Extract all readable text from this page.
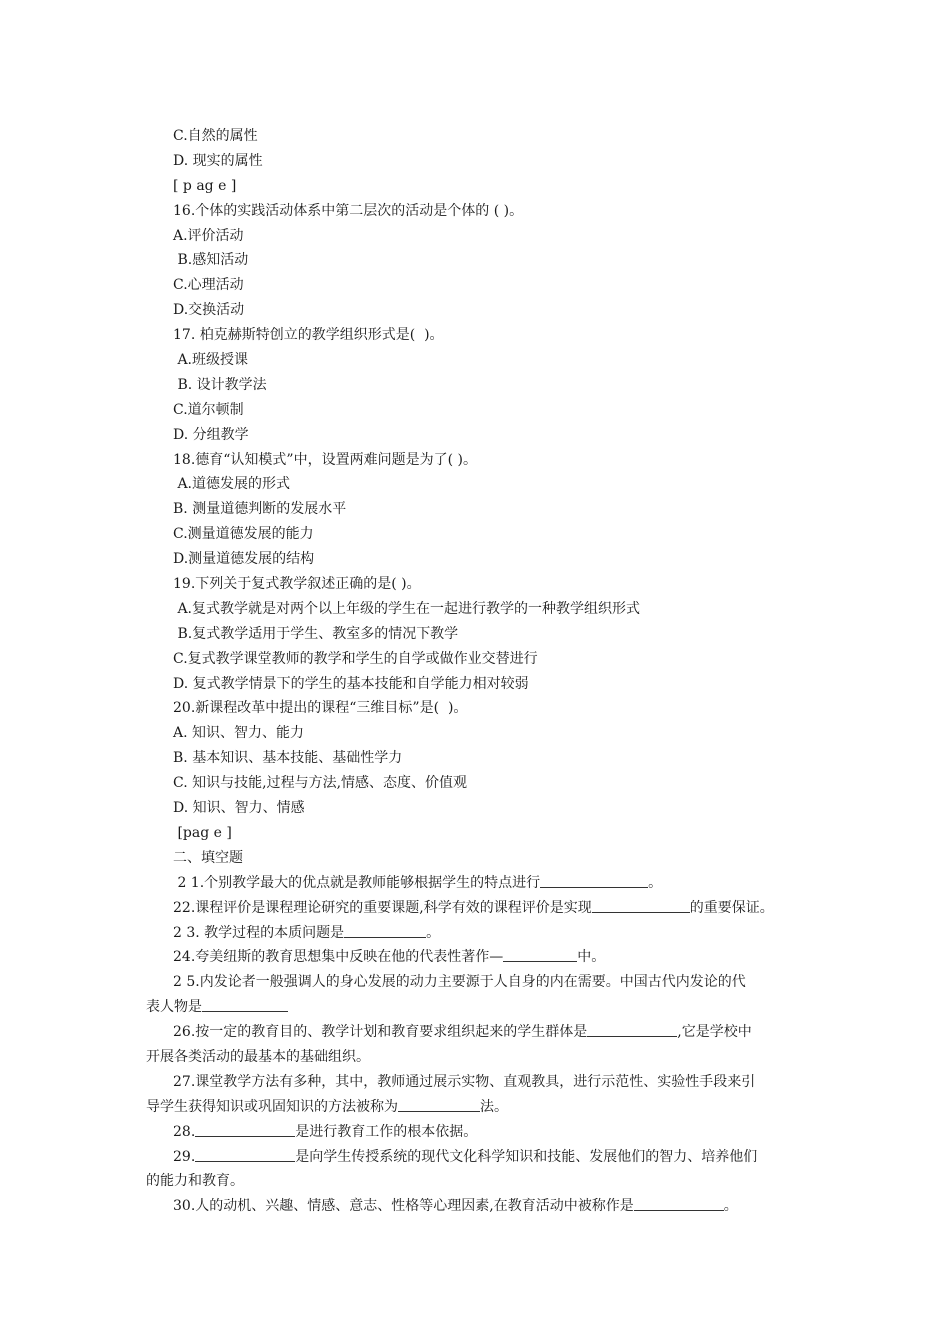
C.自然的属性
D. 现实的属性
[ p ag e ]
16.个体的实践活动体系中第二层次的活动是个体的 ( )。
A.评价活动
B.感知活动
C.心理活动
D.交换活动
17. 柏克赫斯特创立的教学组织形式是(  )。
A.班级授课
B. 设计教学法
C.道尔顿制
D. 分组教学
18.德育“认知模式”中，设置两难问题是为了( )。
A.道德发展的形式
B. 测量道德判断的发展水平
C.测量道德发展的能力
D.测量道德发展的结构
19.下列关于复式教学叙述正确的是( )。
A.复式教学就是对两个以上年级的学生在一起进行教学的一种教学组织形式
B.复式教学适用于学生、教室多的情况下教学
C.复式教学课堂教师的教学和学生的自学或做作业交替进行
D. 复式教学情景下的学生的基本技能和自学能力相对较弱
20.新课程改革中提出的课程“三维目标”是(  )。
A. 知识、智力、能力
B. 基本知识、基本技能、基础性学力
C. 知识与技能,过程与方法,情感、态度、价值观
D. 知识、智力、情感
[pag e ]
二、填空题
2 1.个别教学最大的优点就是教师能够根据学生的特点进行	。
22.课程评价是课程理论研究的重要课题,科学有效的课程评价是实现	的重要保证。
2 3. 教学过程的本质问题是	。
24.夸美纽斯的教育思想集中反映在他的代表性著作—	中。
2 5.内发论者一般强调人的身心发展的动力主要源于人自身的内在需要。中国古代内发论的代
表人物是
26.按一定的教育目的、教学计划和教育要求组织起来的学生群体是	,它是学校中
开展各类活动的最基本的基础组织。
27.课堂教学方法有多种，其中，教师通过展示实物、直观教具，进行示范性、实验性手段来引
导学生获得知识或巩固知识的方法被称为	法。
28.	是进行教育工作的根本依据。
29.	是向学生传授系统的现代文化科学知识和技能、发展他们的智力、培养他们
的能力和教育。
30.人的动机、兴趣、情感、意志、性格等心理因素,在教育活动中被称作是	。
